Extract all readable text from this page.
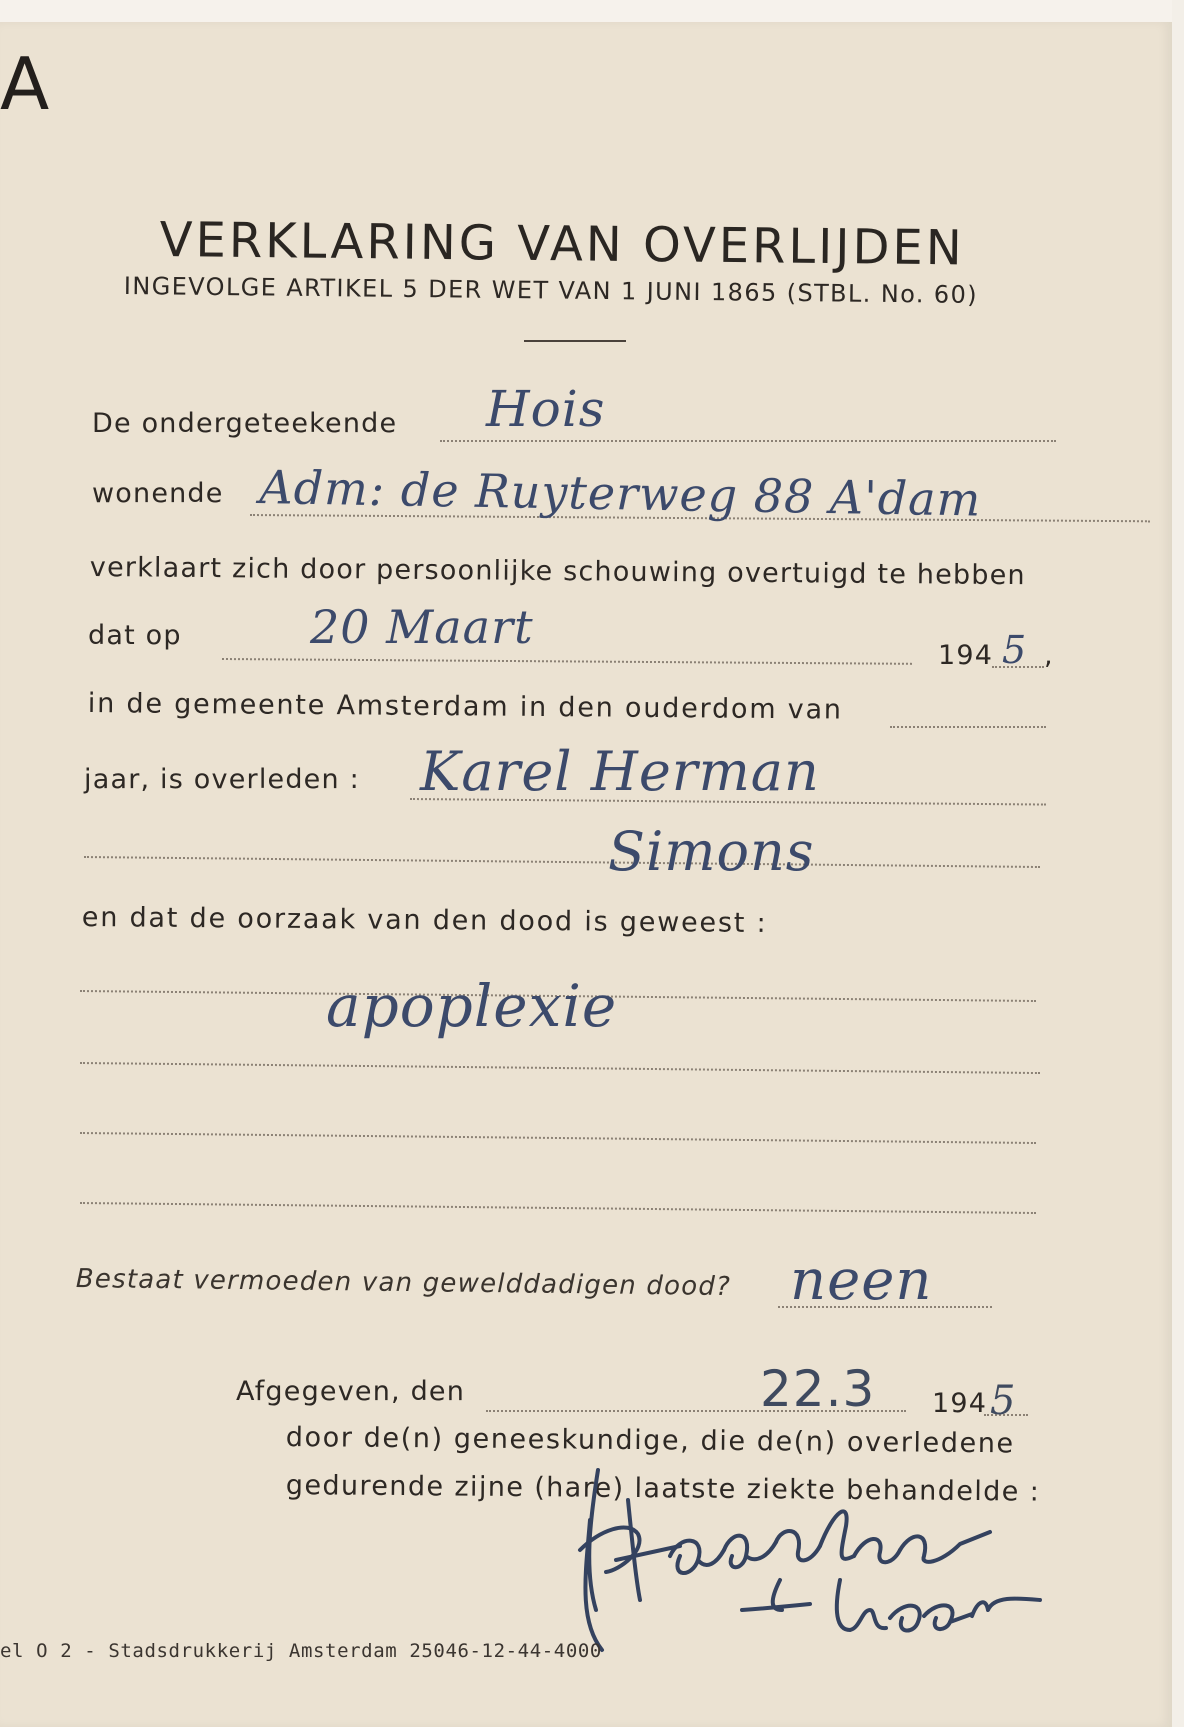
A
VERKLARING VAN OVERLIJDEN
INGEVOLGE ARTIKEL 5 DER WET VAN 1 JUNI 1865 (STBL. No. 60)
De ondergeteekende Hois
wonende Adm: de Ruyterweg 88 A'dam
verklaart zich door persoonlijke schouwing overtuigd te hebben
dat op	20 Maart
194 5 ,
in de gemeente Amsterdam in den ouderdom van
jaar, is overleden : Karel Herman
Simons
en dat de oorzaak van den dood is geweest :
apoplexie
Bestaat vermoeden van gewelddadigen dood? neen
Afgegeven, den	22.3 194 5
door de(n) geneeskundige, die de(n) overledene
gedurende zijne (hare) laatste ziekte behandelde :
el O 2 - Stadsdrukkerij Amsterdam 25046-12-44-4000
